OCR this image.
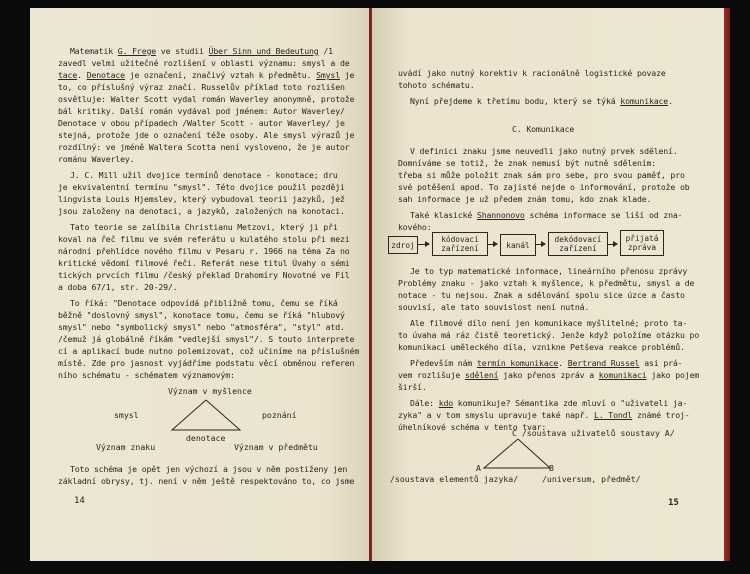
Matematik G. Frege ve studii Über Sinn und Bedeutung /1
zavedl velmi užitečné rozlišení v oblasti významu: smysl a de
tace. Denotace je označení, značivý vztah k předmětu. Smysl je
to, co příslušný výraz značí. Russelův příklad toto rozlišen
osvětluje: Walter Scott vydal román Waverley anonymně, protože
bál kritiky. Další román vydával pod jménem: Autor Waverley/
Denotace v obou případech /Walter Scott - autor Waverley/ je
stejná, protože jde o označení téže osoby. Ale smysl výrazů je
rozdílný: ve jméně Waltera Scotta není vysloveno, že je autor
románu Waverley.
J. C. Mill užil dvojice termínů denotace - konotace; dru
je ekvivalentní termínu "smysl". Této dvojice použil později
lingvista Louis Hjemslev, který vybudoval teorii jazyků, jež
jsou založeny na denotaci, a jazyků, založených na konotaci.
Tato teorie se zalíbila Christianu Metzovi, který ji při
koval na řeč filmu ve svém referátu u kulatého stolu při mezi
národní přehlídce nového filmu v Pesaru r. 1966 na téma Za no
kritické vědomí filmové řeči. Referát nese titul Úvahy o sémi
tických prvcích filmu /český překlad Drahomíry Novotné ve Fil
a doba 67/1, str. 20-29/.
To říká: "Denotace odpovídá přibližně tomu, čemu se říká
běžně "doslovný smysl", konotace tomu, čemu se říká "hlubový
smysl" nebo "symbolický smysl" nebo "atmosféra", "styl" atd.
/čemuž já globálně říkám "vedlejší smysl"/. S touto interprete
cí a aplikací bude nutno polemizovat, což učiníme na příslušném
místě. Zde pro jasnost vyjádříme podstatu věcí obměnou referen
ního schématu - schématem významovým:
Význam v myšlence
smysl	poznání
denotace
Význam znaku	Význam v předmětu
Toto schéma je opět jen výchozí a jsou v něm postiženy jen
základní obrysy, tj. není v něm ještě respektováno to, co jsme
14
uvádí jako nutný korektiv k racionálně logistické povaze
tohoto schématu.
Nyní přejdeme k třetímu bodu, který se týká komunikace.
C. Komunikace
V definici znaku jsme neuvedli jako nutný prvek sdělení.
Domníváme se totiž, že znak nemusí být nutně sdělením:
třeba si může položit znak sám pro sebe, pro svou paměť, pro
své potěšení apod. To zajisté nejde o informování, protože ob
sah informace je už předem znám tomu, kdo znak klade.
Také klasické Shannonovo schéma informace se liší od zna-
kového:
zdroj
kódovací zařízení	kanál
dekódovací zařízení
přijatá zpráva
Je to typ matematické informace, lineárního přenosu zprávy
Problémy znaku - jako vztah k myšlence, k předmětu, smysl a de
notace - tu nejsou. Znak a sdělování spolu sice úzce a často
souvisí, ale tato souvislost není nutná.
Ale filmové dílo není jen komunikace myšlitelné; proto ta-
to úvaha má ráz čistě teoretický. Jenže když položíme otázku po
komunikaci uměleckého díla, vznikne Petševa reakce problémů.
Především nám termín komunikace. Bertrand Russel asi prá-
vem rozlišuje sdělení jako přenos zpráv a komunikaci jako pojem
širší.
Dále: kdo komunikuje? Sémantika zde mluví o "uživateli ja-
zyka" a v tom smyslu upravuje také např. L. Tondl známé troj-
úhelníkové schéma v tento tvar:
C /soustava uživatelů soustavy A/
A	B
/soustava elementů jazyka/	/universum, předmět/
15
